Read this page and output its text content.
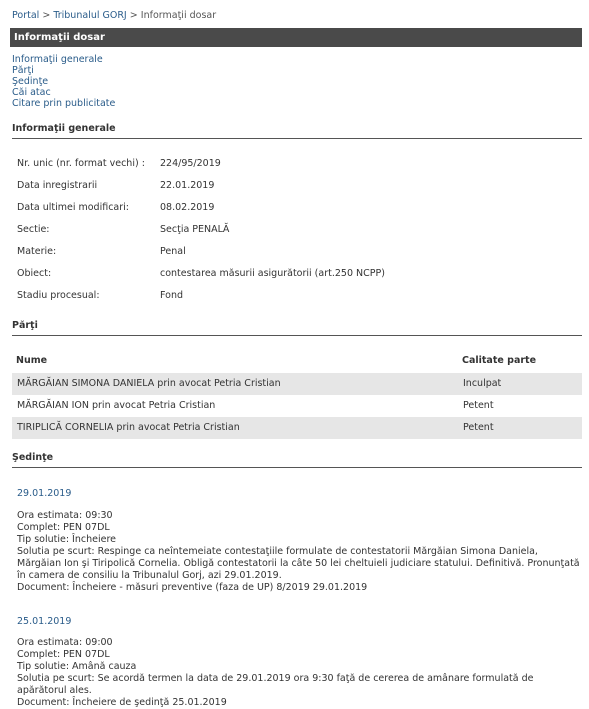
Portal > Tribunalul GORJ > Informaţii dosar
Informaţii dosar
Informaţii generale
Părţi
Şedinţe
Căi atac
Citare prin publicitate
Informaţii generale
Nr. unic (nr. format vechi) : 224/95/2019
Data inregistrarii	22.01.2019
Data ultimei modificari:	08.02.2019
Sectie:	Secţia PENALĂ
Materie:	Penal
Obiect:	contestarea măsurii asigurătorii (art.250 NCPP)
Stadiu procesual:	Fond
Părţi
Nume	Calitate parte
MĂRGĂIAN SIMONA DANIELA prin avocat Petria Cristian	Inculpat
MĂRGĂIAN ION prin avocat Petria Cristian	Petent
TIRIPLICĂ CORNELIA prin avocat Petria Cristian	Petent
Şedinţe
29.01.2019
Ora estimata: 09:30
Complet: PEN 07DL
Tip solutie: Încheiere
Solutia pe scurt: Respinge ca neîntemeiate contestaţiile formulate de contestatorii Mărgăian Simona Daniela, Mărgăian Ion şi Tiripolică Cornelia. Obligă contestatorii la câte 50 lei cheltuieli judiciare statului. Definitivă. Pronunţată în camera de consiliu la Tribunalul Gorj, azi 29.01.2019.
Document: Încheiere - măsuri preventive (faza de UP) 8/2019 29.01.2019
25.01.2019
Ora estimata: 09:00
Complet: PEN 07DL
Tip solutie: Amână cauza
Solutia pe scurt: Se acordă termen la data de 29.01.2019 ora 9:30 faţă de cererea de amânare formulată de apărătorul ales.
Document: Încheiere de şedinţă 25.01.2019
